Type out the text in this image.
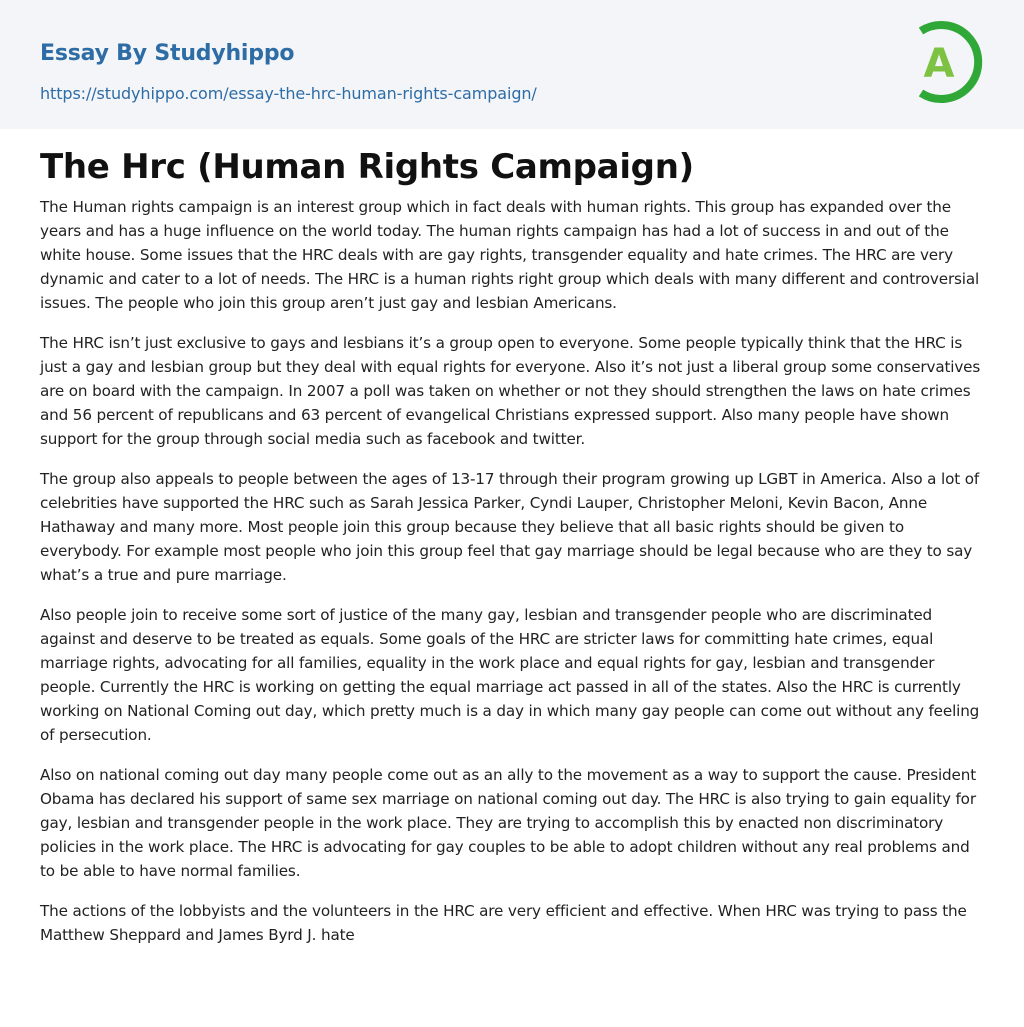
Essay By Studyhippo
https://studyhippo.com/essay-the-hrc-human-rights-campaign/
A
The Hrc (Human Rights Campaign)

The Human rights campaign is an interest group which in fact deals with human rights. This group has expanded over the years and has a huge influence on the world today. The human rights campaign has had a lot of success in and out of the white house. Some issues that the HRC deals with are gay rights, transgender equality and hate crimes. The HRC are very dynamic and cater to a lot of needs. The HRC is a human rights right group which deals with many different and controversial issues. The people who join this group aren’t just gay and lesbian Americans.

The HRC isn’t just exclusive to gays and lesbians it’s a group open to everyone. Some people typically think that the HRC is just a gay and lesbian group but they deal with equal rights for everyone. Also it’s not just a liberal group some conservatives are on board with the campaign. In 2007 a poll was taken on whether or not they should strengthen the laws on hate crimes and 56 percent of republicans and 63 percent of evangelical Christians expressed support. Also many people have shown support for the group through social media such as facebook and twitter.

The group also appeals to people between the ages of 13-17 through their program growing up LGBT in America. Also a lot of celebrities have supported the HRC such as Sarah Jessica Parker, Cyndi Lauper, Christopher Meloni, Kevin Bacon, Anne Hathaway and many more. Most people join this group because they believe that all basic rights should be given to everybody. For example most people who join this group feel that gay marriage should be legal because who are they to say what’s a true and pure marriage.

Also people join to receive some sort of justice of the many gay, lesbian and transgender people who are discriminated against and deserve to be treated as equals. Some goals of the HRC are stricter laws for committing hate crimes, equal marriage rights, advocating for all families, equality in the work place and equal rights for gay, lesbian and transgender people. Currently the HRC is working on getting the equal marriage act passed in all of the states. Also the HRC is currently working on National Coming out day, which pretty much is a day in which many gay people can come out without any feeling of persecution.

Also on national coming out day many people come out as an ally to the movement as a way to support the cause. President Obama has declared his support of same sex marriage on national coming out day. The HRC is also trying to gain equality for gay, lesbian and transgender people in the work place. They are trying to accomplish this by enacted non discriminatory policies in the work place. The HRC is advocating for gay couples to be able to adopt children without any real problems and to be able to have normal families.

The actions of the lobbyists and the volunteers in the HRC are very efficient and effective. When HRC was trying to pass the Matthew Sheppard and James Byrd J. hate
